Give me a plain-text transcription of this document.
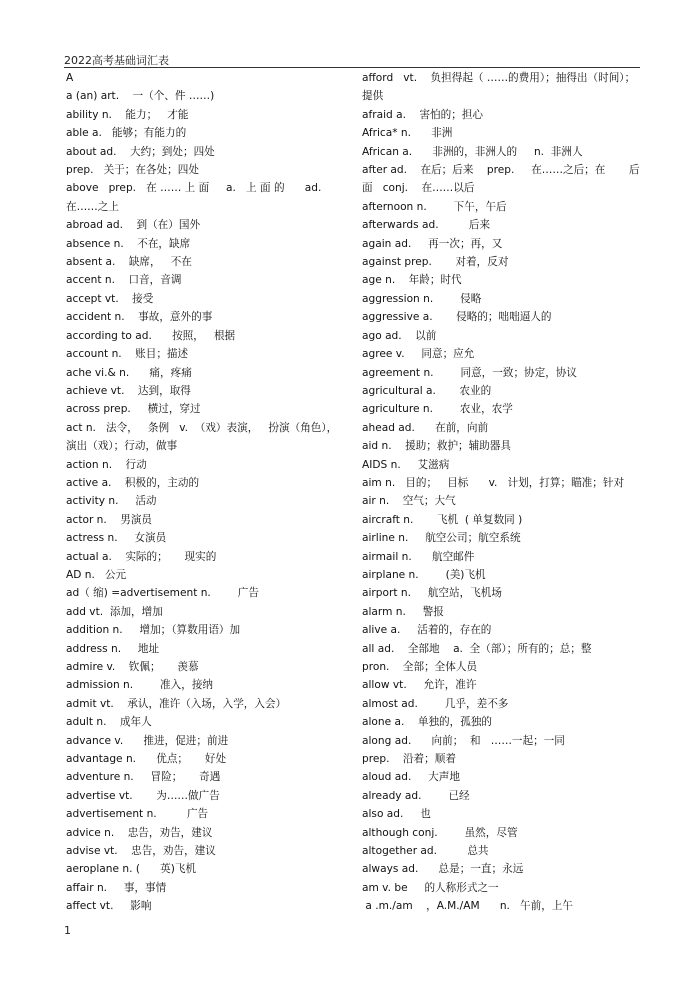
2022高考基础词汇表

A

a (an) art.    一（个、件 ……)

ability n.    能力；   才能

able a.   能够；有能力的

about ad.    大约；到处；四处

prep.   关于；在各处；四处

above   prep.   在 …… 上 面     a.   上 面 的      ad.   在……之上

abroad ad.    到（在）国外

absence n.    不在，缺席

absent a.    缺席，   不在

accent n.    口音，音调

accept vt.    接受

accident n.    事故，意外的事

according to ad.      按照，   根据

account n.    账目；描述

ache vi.& n.      痛，疼痛

achieve vt.    达到，取得

across prep.     横过，穿过

act n.   法令，   条例   v.  （戏）表演，   扮演（角色），   演出（戏）；行动，做事

action n.    行动

active a.    积极的，主动的

activity n.     活动

actor n.    男演员

actress n.     女演员

actual a.    实际的；     现实的

AD n.   公元

ad（ 缩) =advertisement n.        广告

add vt.  添加，增加

addition n.     增加；（算数用语）加

address n.     地址

admire v.    钦佩；     羡慕

admission n.        准入，接纳

admit vt.    承认，准许（入场，入学，入会）

adult n.    成年人

advance v.      推进，促进；前进

advantage n.      优点；     好处

adventure n.     冒险；     奇遇

advertise vt.       为……做广告

advertisement n.         广告

advice n.    忠告，劝告，建议

advise vt.    忠告，劝告，建议

aeroplane n. (      英)飞机

affair n.     事，事情

affect vt.     影响

afford   vt.    负担得起（ ……的费用）；抽得出（时间）；提供

afraid a.    害怕的；担心

Africa* n.      非洲

African a.      非洲的，非洲人的     n.  非洲人

after ad.    在后；后来    prep.     在……之后；在       后面   conj.    在……以后

afternoon n.        下午，午后

afterwards ad.         后来

again ad.     再一次；再，又

against prep.       对着，反对

age n.    年龄；时代

aggression n.        侵略

aggressive a.       侵略的；咄咄逼人的

ago ad.    以前

agree v.     同意；应允

agreement n.        同意，一致；协定，协议

agricultural a.       农业的

agriculture n.        农业，农学

ahead ad.      在前，向前

aid n.    援助；救护；辅助器具

AIDS n.     艾滋病

aim n.   目的；   目标      v.   计划，打算；瞄准；针对

air n.    空气；大气

aircraft n.       飞机  ( 单复数同 )

airline n.     航空公司；航空系统

airmail n.      航空邮件

airplane n.        (美)飞机

airport n.     航空站，飞机场

alarm n.     警报

alive a.     活着的，存在的

all ad.    全部地    a.  全（部）；所有的；总；整

pron.    全部；全体人员

allow vt.     允许，准许

almost ad.        几乎，差不多

alone a.    单独的，孤独的

along ad.      向前；  和   ……一起；一同

prep.    沿着；顺着

aloud ad.     大声地

already ad.        已经

also ad.     也

although conj.        虽然，尽管

altogether ad.         总共

always ad.      总是；一直；永远

am v. be     的人称形式之一

a .m./am    ，A.M./AM      n.   午前，上午

1
